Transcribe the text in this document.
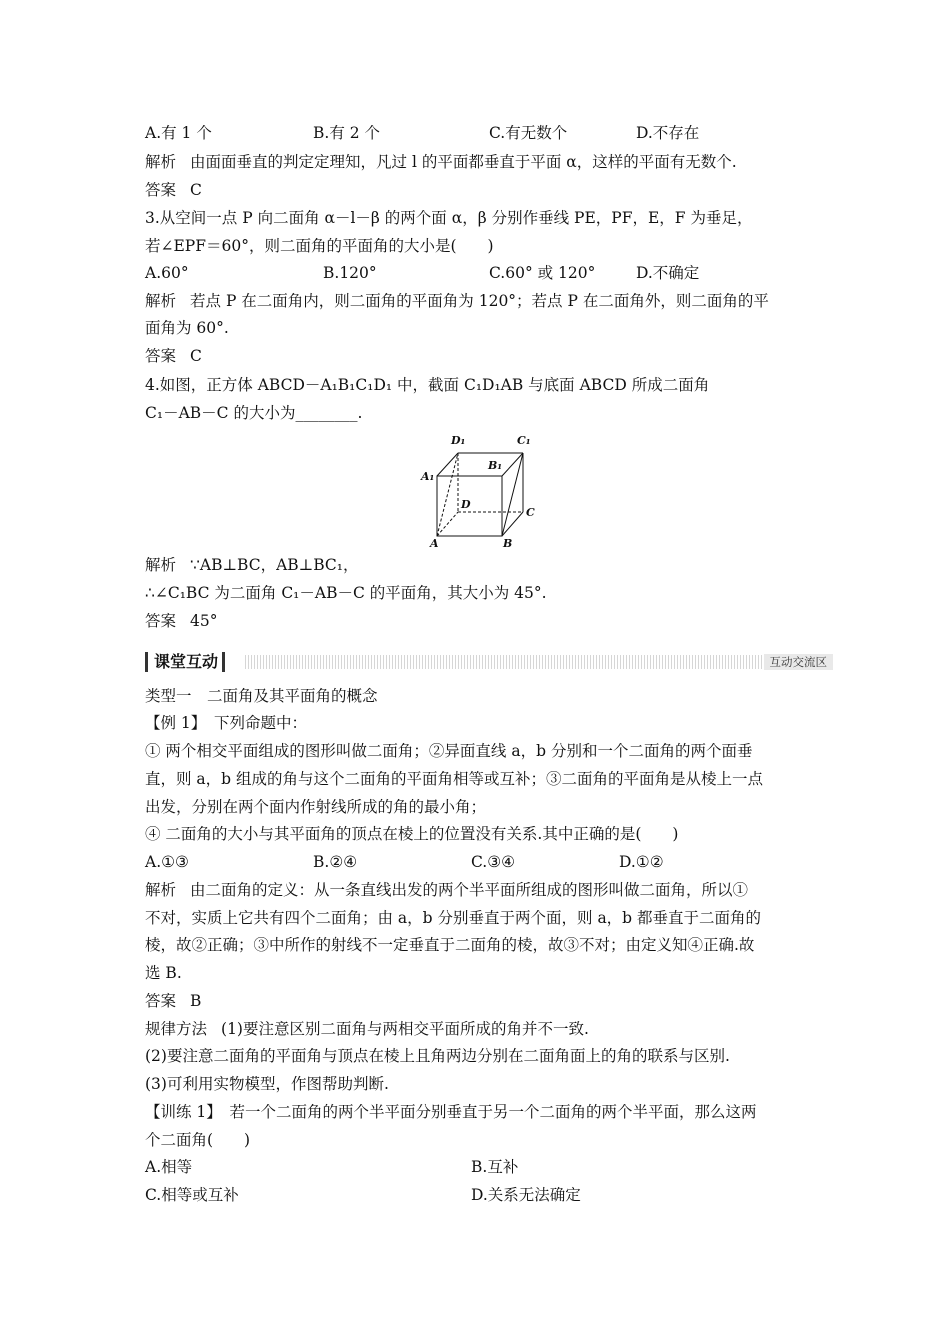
A.有 1 个	B.有 2 个	C.有无数个	D.不存在
解析 由面面垂直的判定定理知，凡过 l 的平面都垂直于平面 α，这样的平面有无数个.
答案 C
3.从空间一点 P 向二面角 α－l－β 的两个面 α，β 分别作垂线 PE，PF，E，F 为垂足，
若∠EPF＝60°，则二面角的平面角的大小是(　　)
A.60°	B.120°	C.60° 或 120°	D.不确定
解析 若点 P 在二面角内，则二面角的平面角为 120°；若点 P 在二面角外，则二面角的平
面角为 60°.
答案 C
4.如图，正方体 ABCD－A₁B₁C₁D₁ 中，截面 C₁D₁AB 与底面 ABCD 所成二面角
C₁－AB－C 的大小为________.
D₁	C₁
B₁
A₁
D
C
A	B
解析 ∵AB⊥BC，AB⊥BC₁，
∴∠C₁BC 为二面角 C₁－AB－C 的平面角，其大小为 45°.
答案 45°
课堂互动	互动交流区
类型一　二面角及其平面角的概念
【例 1】　下列命题中：
① 两个相交平面组成的图形叫做二面角；②异面直线 a，b 分别和一个二面角的两个面垂
直，则 a，b 组成的角与这个二面角的平面角相等或互补；③二面角的平面角是从棱上一点
出发，分别在两个面内作射线所成的角的最小角；
④ 二面角的大小与其平面角的顶点在棱上的位置没有关系.其中正确的是(　　)
A.①③	B.②④	C.③④	D.①②
解析 由二面角的定义：从一条直线出发的两个半平面所组成的图形叫做二面角，所以①
不对，实质上它共有四个二面角；由 a，b 分别垂直于两个面，则 a，b 都垂直于二面角的
棱，故②正确；③中所作的射线不一定垂直于二面角的棱，故③不对；由定义知④正确.故
选 B.
答案 B
规律方法 (1)要注意区别二面角与两相交平面所成的角并不一致.
(2)要注意二面角的平面角与顶点在棱上且角两边分别在二面角面上的角的联系与区别.
(3)可利用实物模型，作图帮助判断.
【训练 1】　若一个二面角的两个半平面分别垂直于另一个二面角的两个半平面，那么这两
个二面角(　　)
A.相等	B.互补
C.相等或互补	D.关系无法确定
